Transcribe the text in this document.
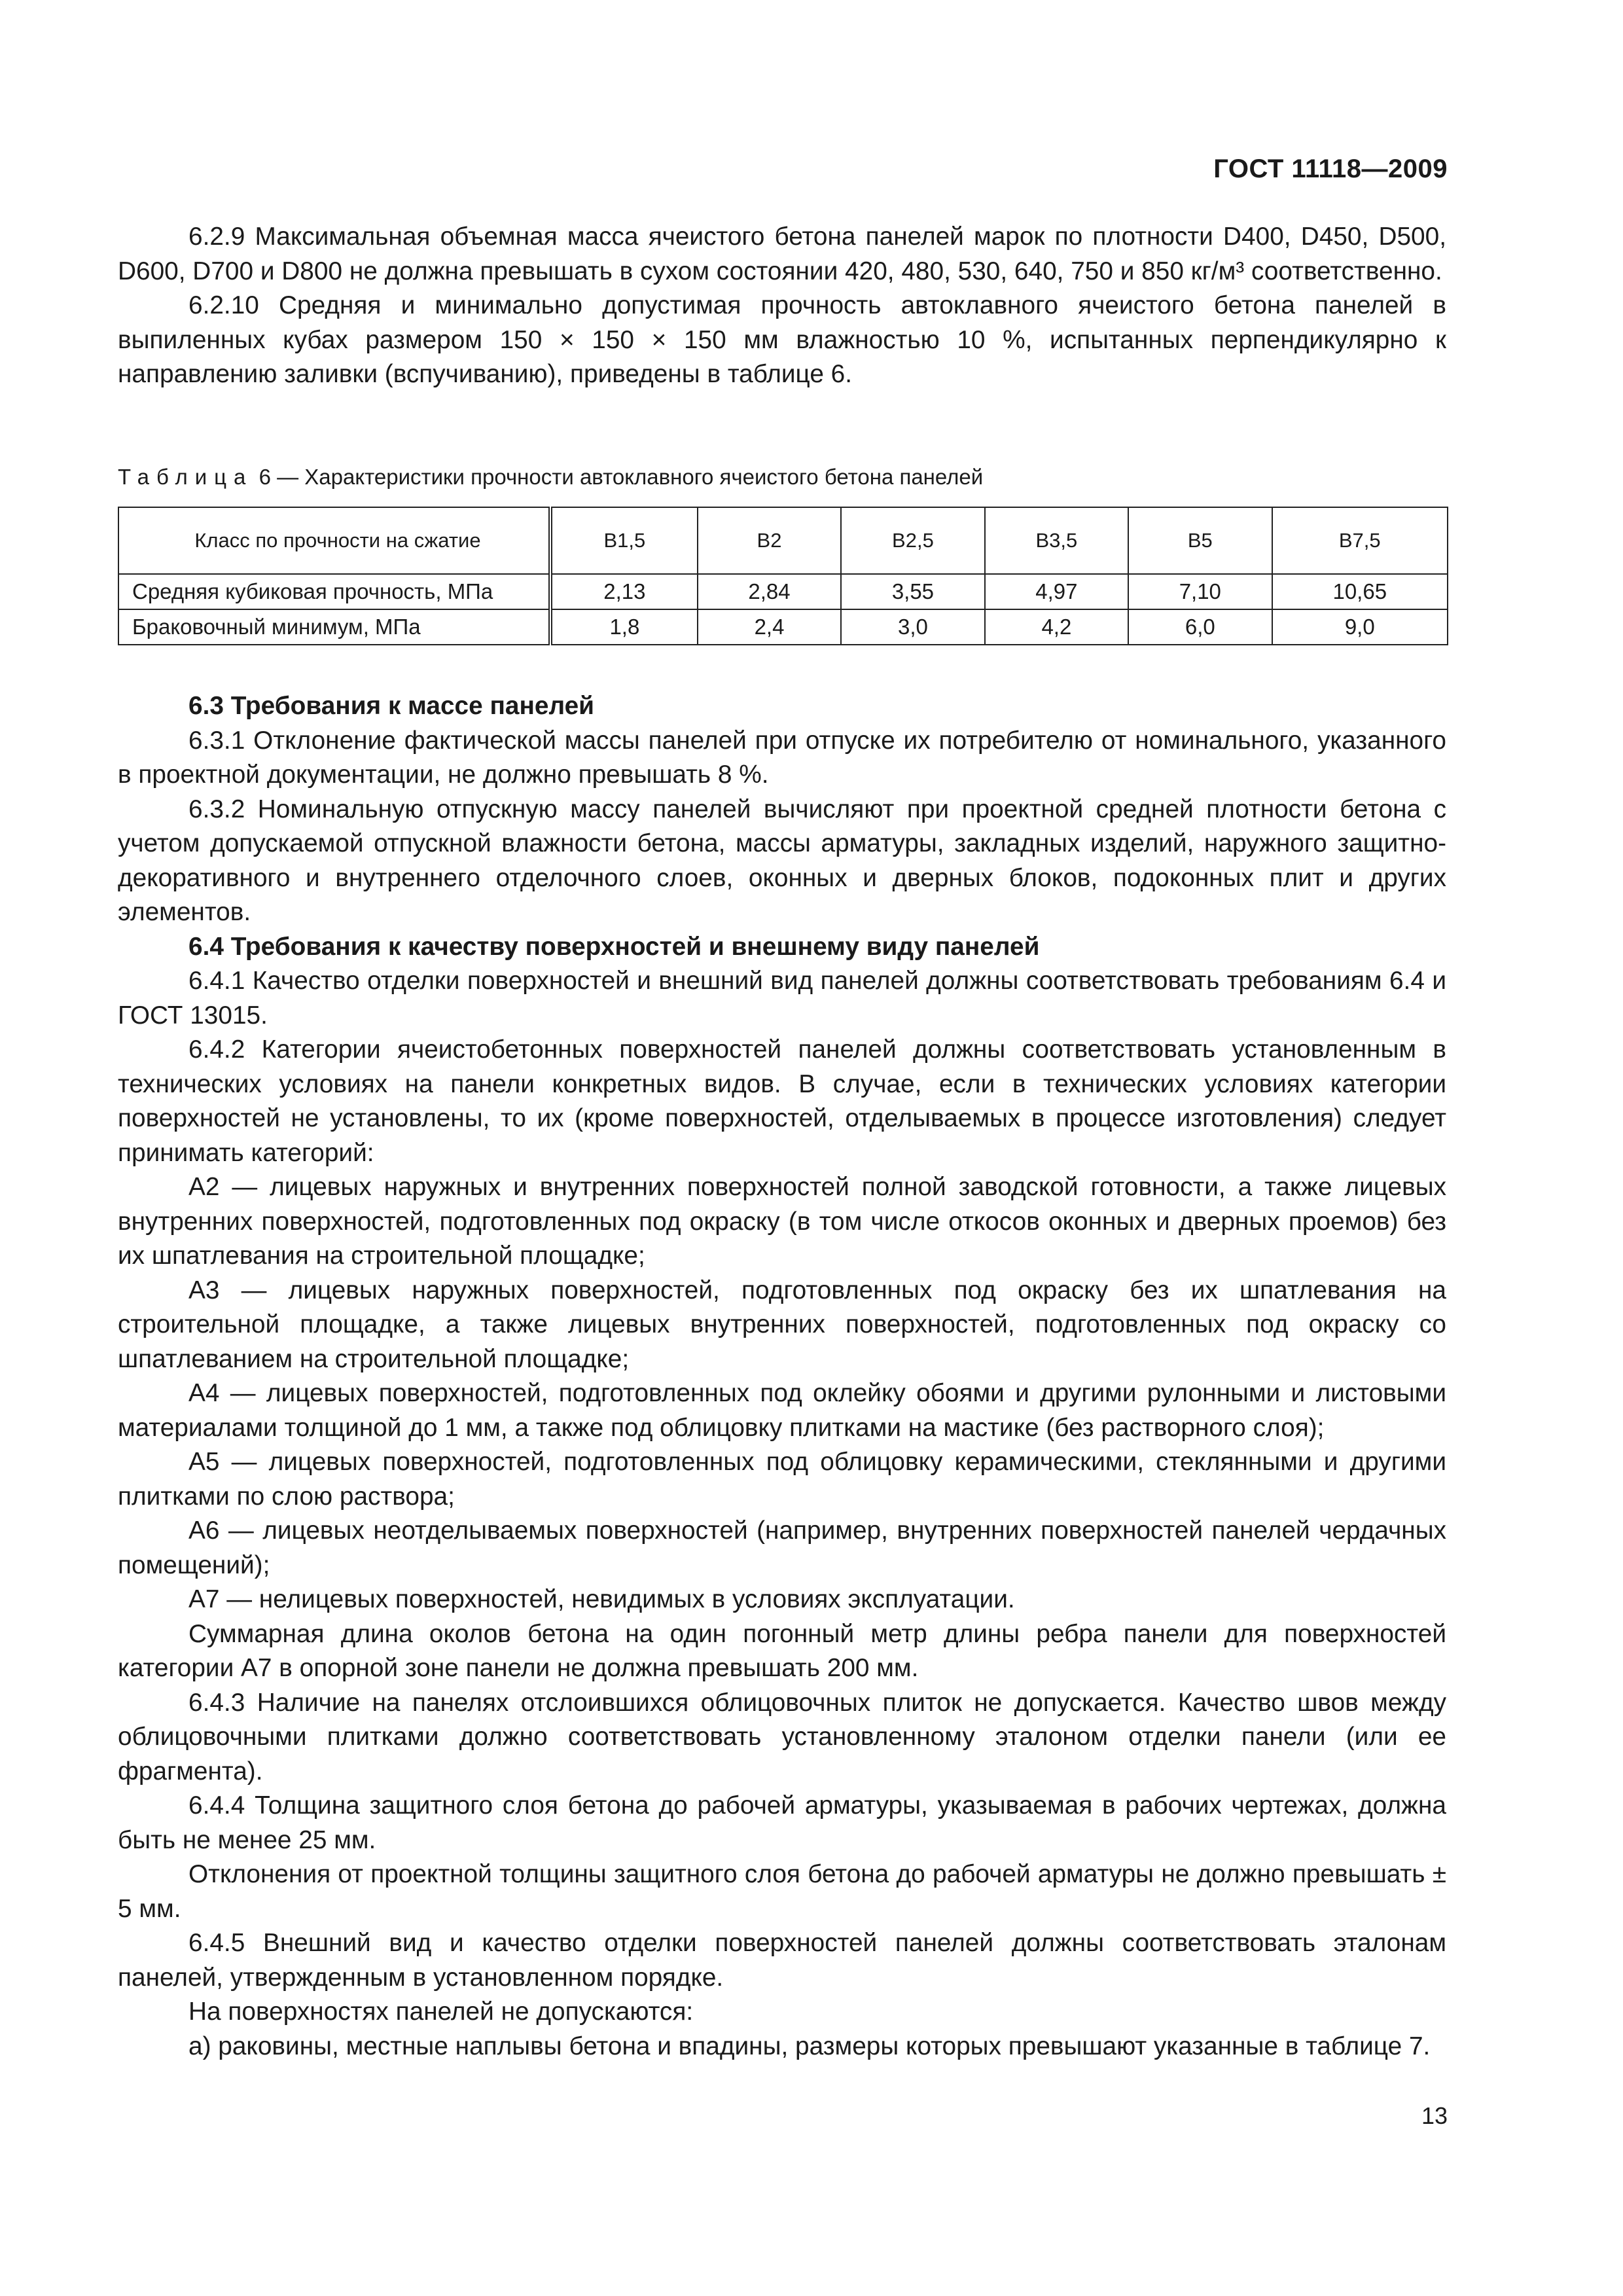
ГОСТ 11118—2009

6.2.9 Максимальная объемная масса ячеистого бетона панелей марок по плотности D400, D450, D500, D600, D700 и D800 не должна превышать в сухом состоянии 420, 480, 530, 640, 750 и 850 кг/м³ соответственно.

6.2.10 Средняя и минимально допустимая прочность автоклавного ячеистого бетона панелей в выпиленных кубах размером 150 × 150 × 150 мм влажностью 10 %, испытанных перпендикулярно к направлению заливки (вспучиванию), приведены в таблице 6.

Таблица 6 — Характеристики прочности автоклавного ячеистого бетона панелей
Класс по прочности на сжатие	B1,5	B2	B2,5	B3,5	B5	B7,5
Средняя кубиковая прочность, МПа	2,13	2,84	3,55	4,97	7,10	10,65
Браковочный минимум, МПа	1,8	2,4	3,0	4,2	6,0	9,0

6.3 Требования к массе панелей

6.3.1 Отклонение фактической массы панелей при отпуске их потребителю от номинального, указанного в проектной документации, не должно превышать 8 %.

6.3.2 Номинальную отпускную массу панелей вычисляют при проектной средней плотности бетона с учетом допускаемой отпускной влажности бетона, массы арматуры, закладных изделий, наружного защитно-декоративного и внутреннего отделочного слоев, оконных и дверных блоков, подоконных плит и других элементов.

6.4 Требования к качеству поверхностей и внешнему виду панелей

6.4.1 Качество отделки поверхностей и внешний вид панелей должны соответствовать требованиям 6.4 и ГОСТ 13015.

6.4.2 Категории ячеистобетонных поверхностей панелей должны соответствовать установленным в технических условиях на панели конкретных видов. В случае, если в технических условиях категории поверхностей не установлены, то их (кроме поверхностей, отделываемых в процессе изготовления) следует принимать категорий:

А2 — лицевых наружных и внутренних поверхностей полной заводской готовности, а также лицевых внутренних поверхностей, подготовленных под окраску (в том числе откосов оконных и дверных проемов) без их шпатлевания на строительной площадке;

А3 — лицевых наружных поверхностей, подготовленных под окраску без их шпатлевания на строительной площадке, а также лицевых внутренних поверхностей, подготовленных под окраску со шпатлеванием на строительной площадке;

А4 — лицевых поверхностей, подготовленных под оклейку обоями и другими рулонными и листовыми материалами толщиной до 1 мм, а также под облицовку плитками на мастике (без растворного слоя);

А5 — лицевых поверхностей, подготовленных под облицовку керамическими, стеклянными и другими плитками по слою раствора;

А6 — лицевых неотделываемых поверхностей (например, внутренних поверхностей панелей чердачных помещений);

А7 — нелицевых поверхностей, невидимых в условиях эксплуатации.

Суммарная длина околов бетона на один погонный метр длины ребра панели для поверхностей категории А7 в опорной зоне панели не должна превышать 200 мм.

6.4.3 Наличие на панелях отслоившихся облицовочных плиток не допускается. Качество швов между облицовочными плитками должно соответствовать установленному эталоном отделки панели (или ее фрагмента).

6.4.4 Толщина защитного слоя бетона до рабочей арматуры, указываемая в рабочих чертежах, должна быть не менее 25 мм.

Отклонения от проектной толщины защитного слоя бетона до рабочей арматуры не должно превышать ± 5 мм.

6.4.5 Внешний вид и качество отделки поверхностей панелей должны соответствовать эталонам панелей, утвержденным в установленном порядке.

На поверхностях панелей не допускаются:

а) раковины, местные наплывы бетона и впадины, размеры которых превышают указанные в таблице 7.

13
